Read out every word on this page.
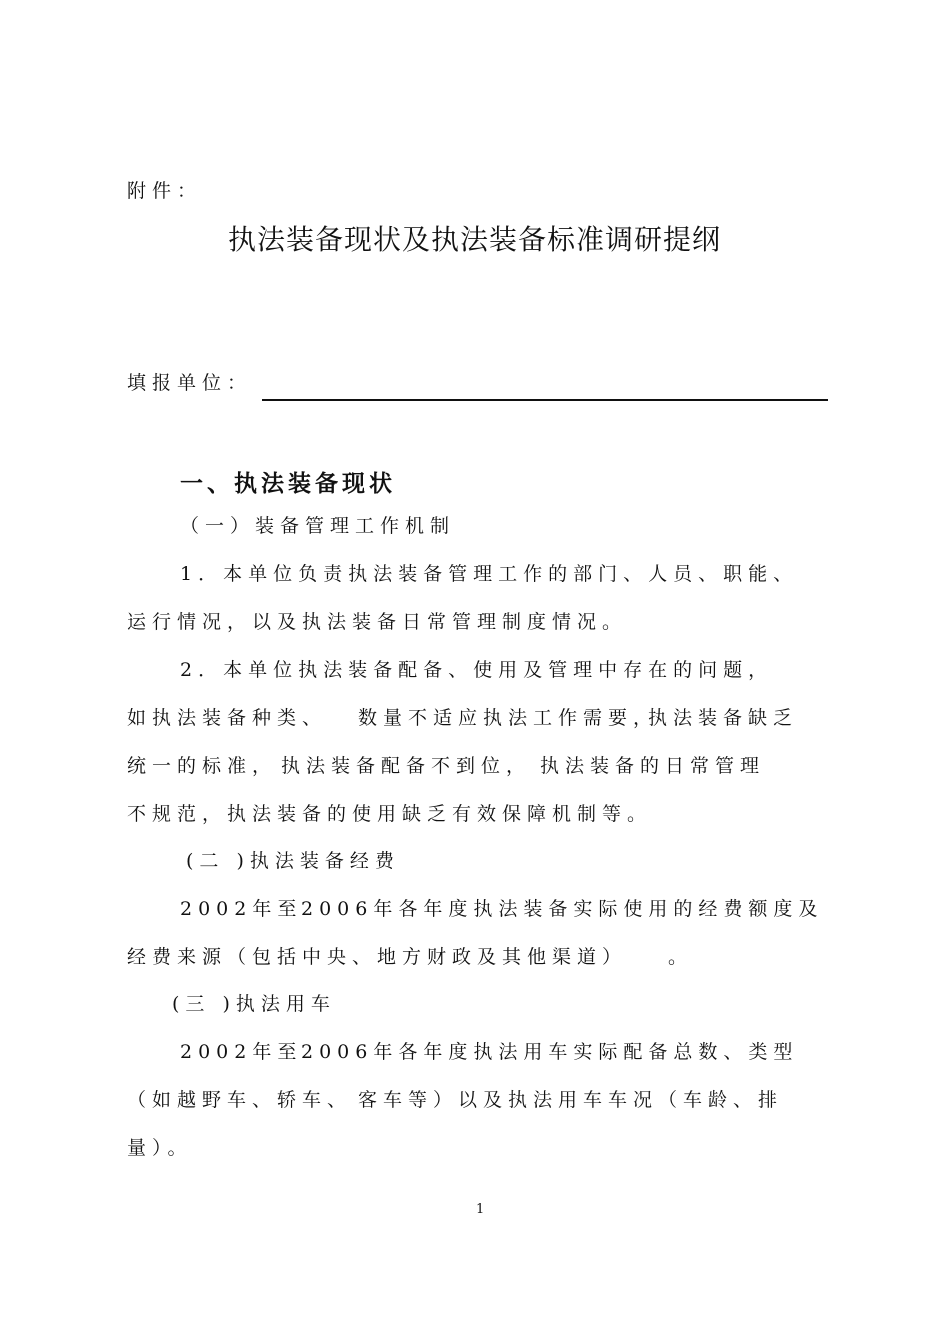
附件：
执法装备现状及执法装备标准调研提纲
填报单位：
一、执法装备现状
（一）装备管理工作机制
1．本单位负责执法装备管理工作的部门、人员、职能、
运行情况，以及执法装备日常管理制度情况。
2．本单位执法装备配备、使用及管理中存在的问题，
如执法装备种类、 数量不适应执法工作需要，
执法装备缺乏
统一的标准， 执法装备配备不到位， 执法装备的日常管理
不规范，执法装备的使用缺乏有效保障机制等。
(二 )执法装备经费
2002年至
2006年各年度执法装备实际使用的经费额度及
经费来源（包括中央、地方财政及其他渠道） 。
(三 )执法用车
2002年至
2006年各年度执法用车实际配备总数、类型
（如越野车、轿车、 客车等）以及执法用车车况（车龄、排
量）。
1
